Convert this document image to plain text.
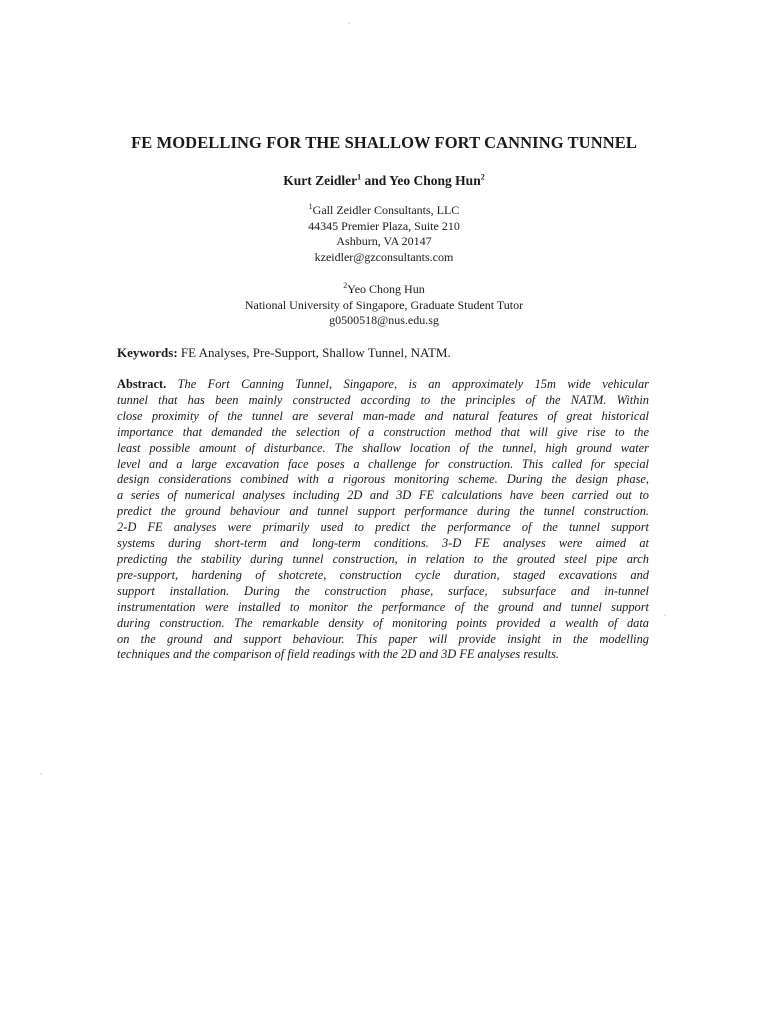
FE MODELLING FOR THE SHALLOW FORT CANNING TUNNEL
Kurt Zeidler$^1$ and Yeo Chong Hun$^2$
$^1$Gall Zeidler Consultants, LLC
44345 Premier Plaza, Suite 210
Ashburn, VA 20147
kzeidler@gzconsultants.com
$^2$Yeo Chong Hun
National University of Singapore, Graduate Student Tutor
g0500518@nus.edu.sg
Keywords: FE Analyses, Pre-Support, Shallow Tunnel, NATM.
Abstract. The Fort Canning Tunnel, Singapore, is an approximately 15m wide vehicular
tunnel that has been mainly constructed according to the principles of the NATM. Within
close proximity of the tunnel are several man-made and natural features of great historical
importance that demanded the selection of a construction method that will give rise to the
least possible amount of disturbance. The shallow location of the tunnel, high ground water
level and a large excavation face poses a challenge for construction. This called for special
design considerations combined with a rigorous monitoring scheme. During the design phase,
a series of numerical analyses including 2D and 3D FE calculations have been carried out to
predict the ground behaviour and tunnel support performance during the tunnel construction.
2-D FE analyses were primarily used to predict the performance of the tunnel support
systems during short-term and long-term conditions. 3-D FE analyses were aimed at
predicting the stability during tunnel construction, in relation to the grouted steel pipe arch
pre-support, hardening of shotcrete, construction cycle duration, staged excavations and
support installation. During the construction phase, surface, subsurface and in-tunnel
instrumentation were installed to monitor the performance of the ground and tunnel support
during construction. The remarkable density of monitoring points provided a wealth of data
on the ground and support behaviour. This paper will provide insight in the modelling
techniques and the comparison of field readings with the 2D and 3D FE analyses results.
